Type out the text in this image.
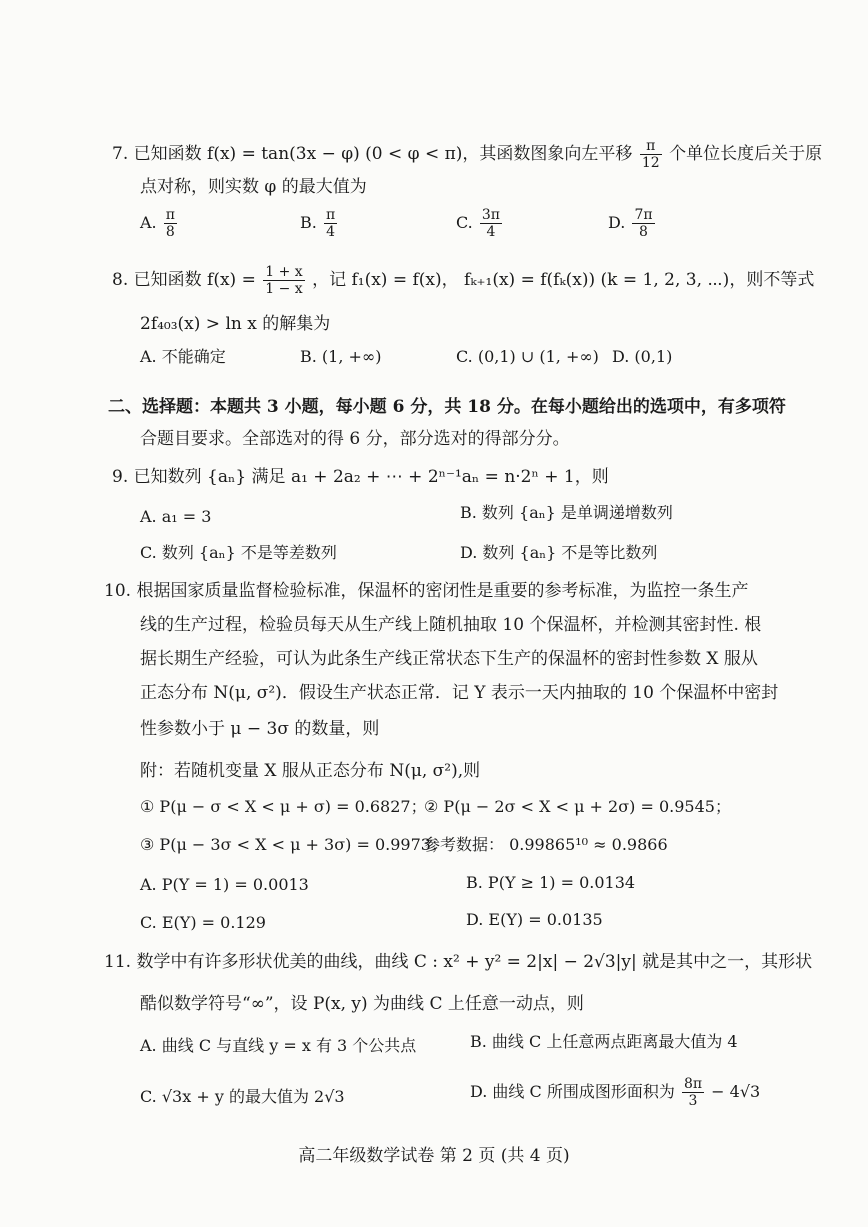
7. 已知函数 f(x) = tan(3x − φ) (0 < φ < π)，其函数图象向左平移 $\frac{\pi}{12}$ 个单位长度后关于原
点对称，则实数 φ 的最大值为
A. $\frac{\pi}{8}$	B. $\frac{\pi}{4}$	C. $\frac{3\pi}{4}$	D. $\frac{7\pi}{8}$
8. 已知函数 $f(x) = \frac{1 + x}{1 - x}$ ，记 f₁(x) = f(x)， fₖ₊₁(x) = f(fₖ(x)) (k = 1, 2, 3, ⋯)，则不等式
2f₄₀₃(x) > ln x 的解集为
A. 不能确定	B. (1, +∞)	C. (0,1) ∪ (1, +∞) D. (0,1)
二、选择题：本题共 3 小题，每小题 6 分，共 18 分。在每小题给出的选项中，有多项符
合题目要求。全部选对的得 6 分，部分选对的得部分分。
9. 已知数列 {aₙ} 满足 a₁ + 2a₂ + ⋯ + 2ⁿ⁻¹aₙ = n·2ⁿ + 1，则
A. a₁ = 3	B. 数列 {aₙ} 是单调递增数列
C. 数列 {aₙ} 不是等差数列	D. 数列 {aₙ} 不是等比数列
10. 根据国家质量监督检验标准，保温杯的密闭性是重要的参考标准，为监控一条生产
线的生产过程，检验员每天从生产线上随机抽取 10 个保温杯，并检测其密封性. 根
据长期生产经验，可认为此条生产线正常状态下生产的保温杯的密封性参数 X 服从
正态分布 N(μ, σ²)．假设生产状态正常．记 Y 表示一天内抽取的 10 个保温杯中密封
性参数小于 μ − 3σ 的数量，则
附：若随机变量 X 服从正态分布 N(μ, σ²),则
① P(μ − σ < X < μ + σ) = 0.6827；
② P(μ − 2σ < X < μ + 2σ) = 0.9545；
③ P(μ − 3σ < X < μ + 3σ) = 0.9973；
参考数据： 0.99865¹⁰ ≈ 0.9866
A. P(Y = 1) = 0.0013	B. P(Y ≥ 1) = 0.0134
C. E(Y) = 0.129	D. E(Y) = 0.0135
11. 数学中有许多形状优美的曲线，曲线 C : x² + y² = 2|x| − 2√3|y| 就是其中之一，其形状
酷似数学符号“∞”，设 P(x, y) 为曲线 C 上任意一动点，则
A. 曲线 C 与直线 y = x 有 3 个公共点	B. 曲线 C 上任意两点距离最大值为 4
C. √3x + y 的最大值为 2√3	D. 曲线 C 所围成图形面积为 $\frac{8\pi}{3} - 4√3$
高二年级数学试卷 第 2 页 (共 4 页)
